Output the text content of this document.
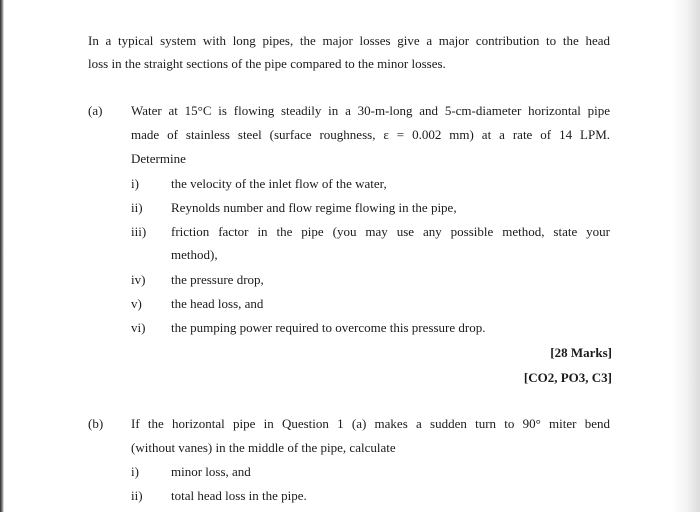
In a typical system with long pipes, the major losses give a major contribution to the head

loss in the straight sections of the pipe compared to the minor losses.

(a) Water at 15°C is flowing steadily in a 30-m-long and 5-cm-diameter horizontal pipe

made of stainless steel (surface roughness, ε = 0.002 mm) at a rate of 14 LPM.

Determine

i) the velocity of the inlet flow of the water,
ii) Reynolds number and flow regime flowing in the pipe,
iii) friction factor in the pipe (you may use any possible method, state your

method),

iv) the pressure drop,
v) the head loss, and
vi) the pumping power required to overcome this pressure drop.

[28 Marks]

[CO2, PO3, C3]

(b) If the horizontal pipe in Question 1 (a) makes a sudden turn to 90° miter bend

(without vanes) in the middle of the pipe, calculate

i) minor loss, and
ii) total head loss in the pipe.
